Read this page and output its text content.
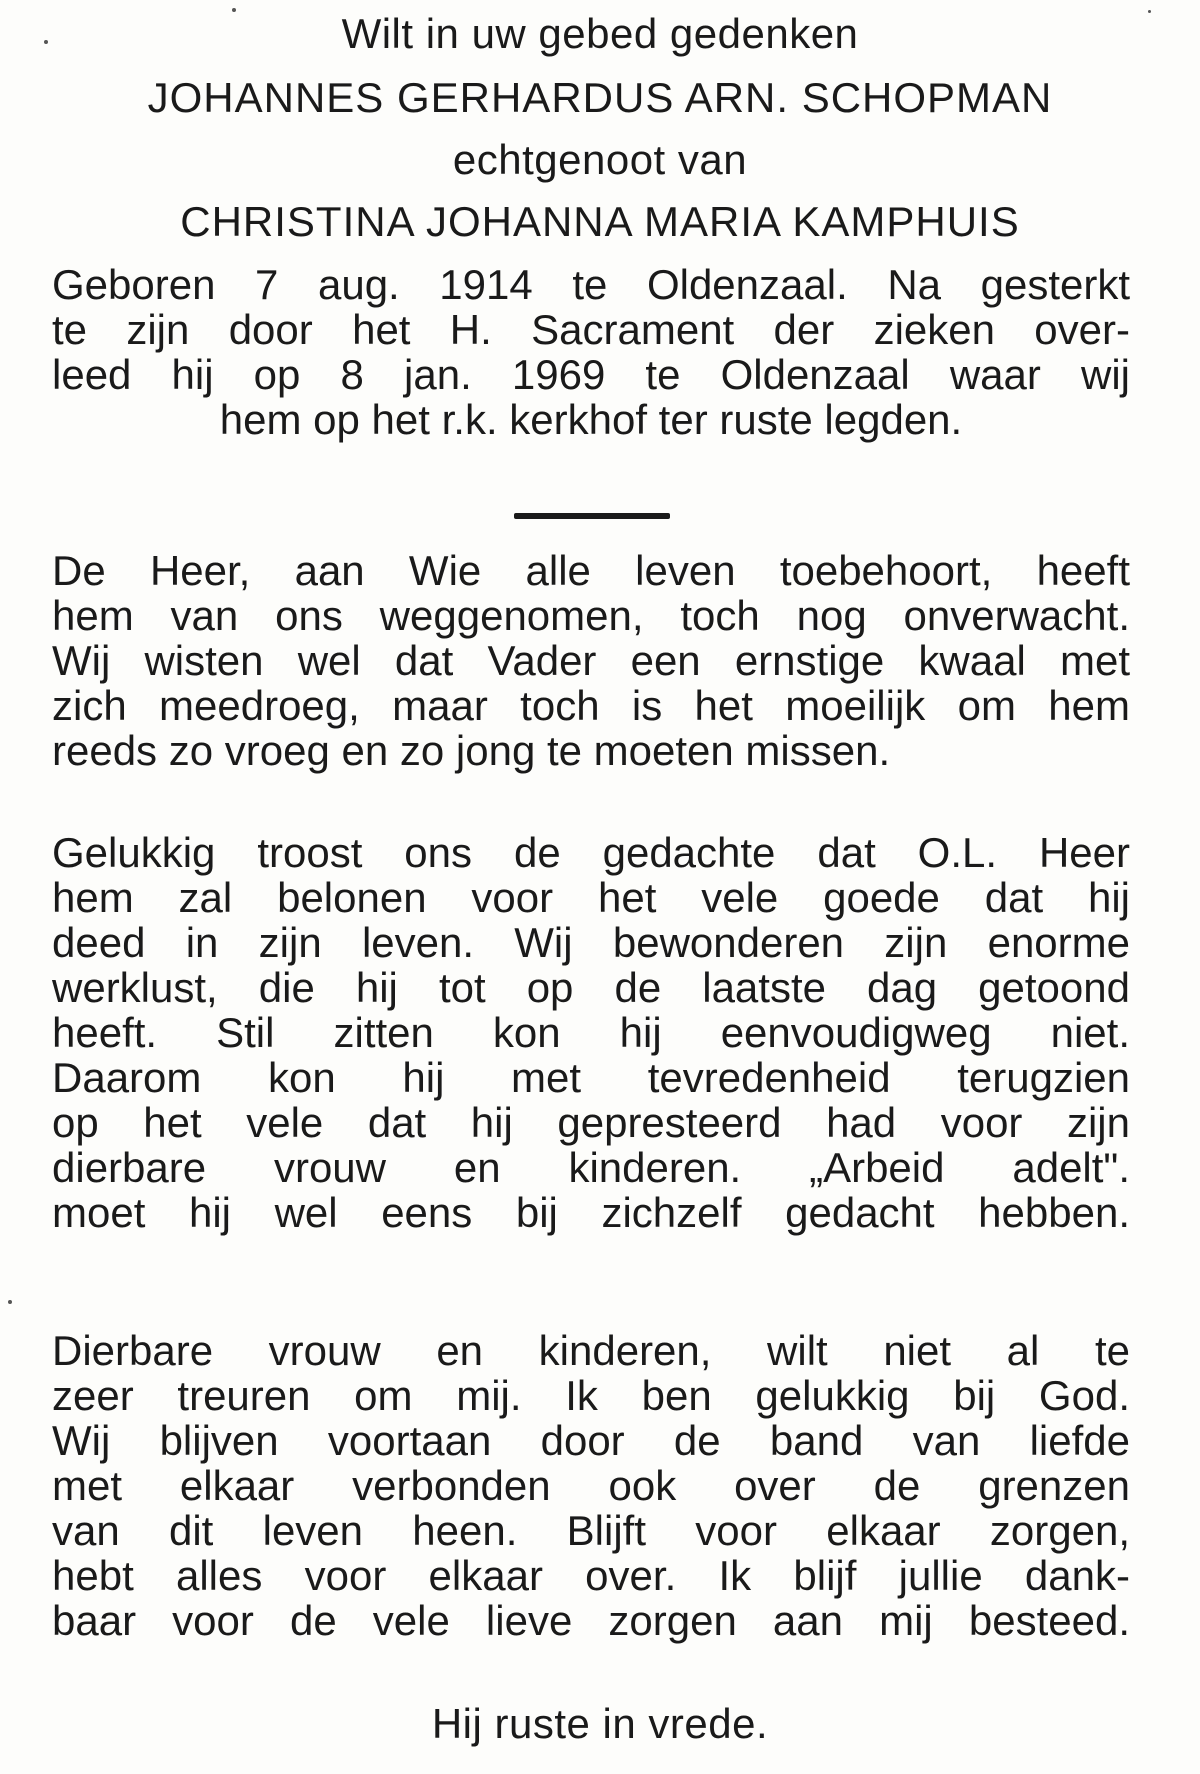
Wilt in uw gebed gedenken

JOHANNES GERHARDUS ARN. SCHOPMAN

echtgenoot van

CHRISTINA JOHANNA MARIA KAMPHUIS

Geboren 7 aug. 1914 te Oldenzaal. Na gesterkt
te zijn door het H. Sacrament der zieken over-
leed hij op 8 jan. 1969 te Oldenzaal waar wij
hem op het r.k. kerkhof ter ruste legden.
De Heer, aan Wie alle leven toebehoort, heeft
hem van ons weggenomen, toch nog onverwacht.
Wij wisten wel dat Vader een ernstige kwaal met
zich meedroeg, maar toch is het moeilijk om hem
reeds zo vroeg en zo jong te moeten missen.
Gelukkig troost ons de gedachte dat O.L. Heer
hem zal belonen voor het vele goede dat hij
deed in zijn leven. Wij bewonderen zijn enorme
werklust, die hij tot op de laatste dag getoond
heeft. Stil zitten kon hij eenvoudigweg niet.
Daarom kon hij met tevredenheid terugzien
op het vele dat hij gepresteerd had voor zijn
dierbare vrouw en kinderen. „Arbeid adelt".
moet hij wel eens bij zichzelf gedacht hebben.
Dierbare vrouw en kinderen, wilt niet al te
zeer treuren om mij. Ik ben gelukkig bij God.
Wij blijven voortaan door de band van liefde
met elkaar verbonden ook over de grenzen
van dit leven heen. Blijft voor elkaar zorgen,
hebt alles voor elkaar over. Ik blijf jullie dank-
baar voor de vele lieve zorgen aan mij besteed.

Hij ruste in vrede.
